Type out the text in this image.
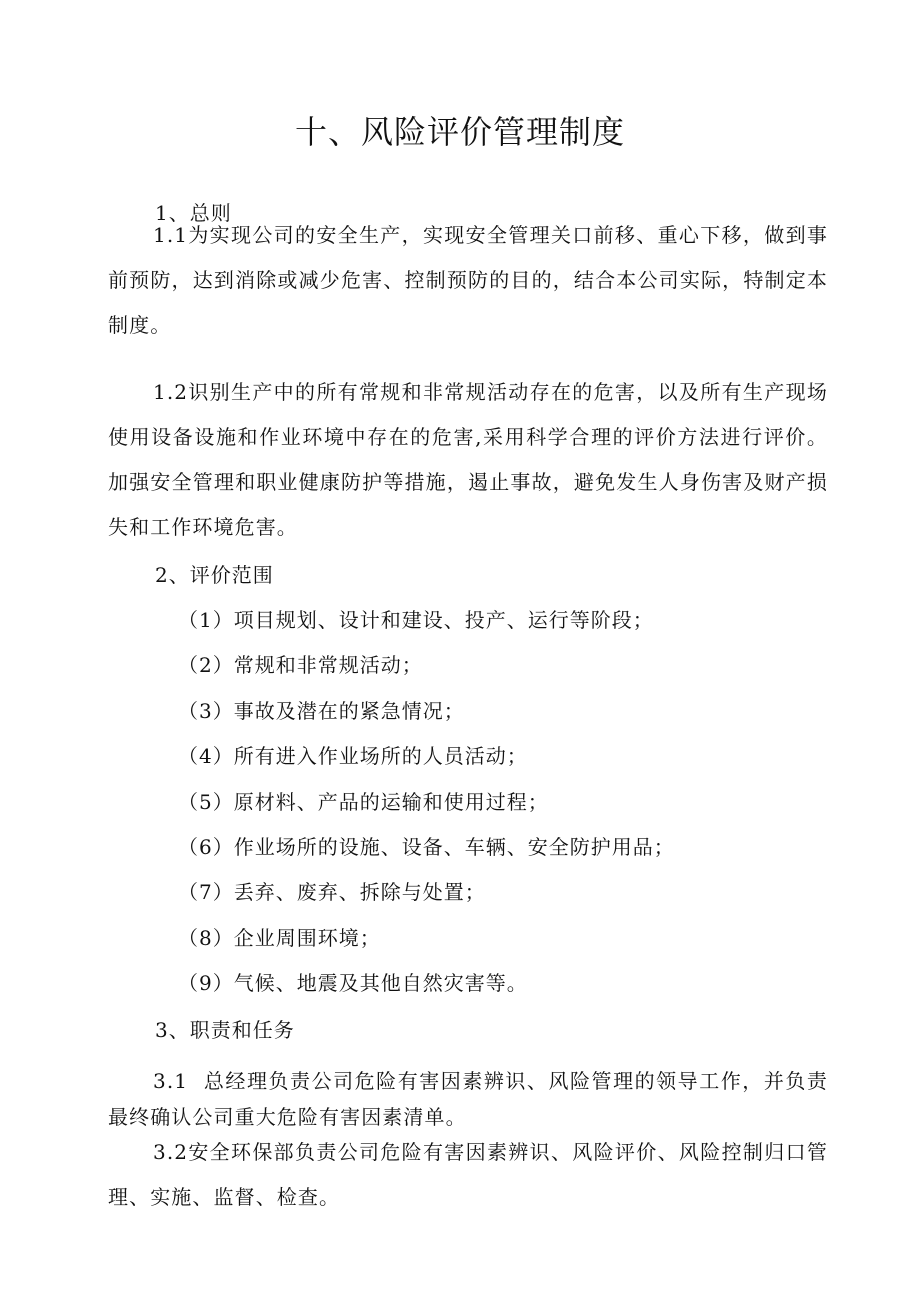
十、风险评价管理制度
1、总则

1.1为实现公司的安全生产，实现安全管理关口前移、重心下移，做到事前预防，达到消除或减少危害、控制预防的目的，结合本公司实际，特制定本制度。

1.2识别生产中的所有常规和非常规活动存在的危害，以及所有生产现场使用设备设施和作业环境中存在的危害,采用科学合理的评价方法进行评价。加强安全管理和职业健康防护等措施，遏止事故，避免发生人身伤害及财产损失和工作环境危害。

2、评价范围
（1）项目规划、设计和建设、投产、运行等阶段；
（2）常规和非常规活动；
（3）事故及潜在的紧急情况；
（4）所有进入作业场所的人员活动；
（5）原材料、产品的运输和使用过程；
（6）作业场所的设施、设备、车辆、安全防护用品；
（7）丢弃、废弃、拆除与处置；
（8）企业周围环境；
（9）气候、地震及其他自然灾害等。
3、职责和任务

3.1  总经理负责公司危险有害因素辨识、风险管理的领导工作，并负责最终确认公司重大危险有害因素清单。

3.2安全环保部负责公司危险有害因素辨识、风险评价、风险控制归口管理、实施、监督、检查。
